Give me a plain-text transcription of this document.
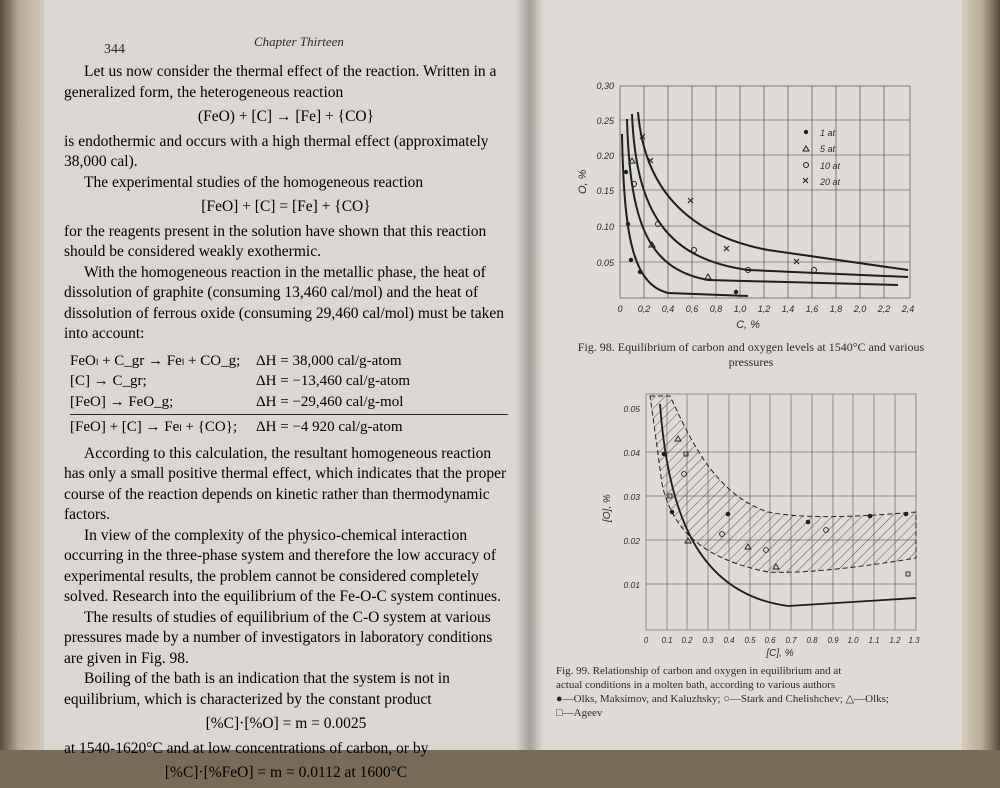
344
Chapter Thirteen

Let us now consider the thermal effect of the reaction. Written in a generalized form, the heterogeneous reaction

(FeO) + [C] → [Fe] + {CO}

is endothermic and occurs with a high thermal effect (approximately 38,000 cal).

The experimental studies of the homogeneous reaction

[FeO] + [C] = [Fe] + {CO}

for the reagents present in the solution have shown that this reaction should be considered weakly exothermic.

With the homogeneous reaction in the metallic phase, the heat of dissolution of graphite (consuming 13,460 cal/mol) and the heat of dissolution of ferrous oxide (consuming 29,460 cal/mol) must be taken into account:

FeOₗ + C_gr → Feₗ + CO_g;	ΔH = 38,000 cal/g-atom
[C] → C_gr;	ΔH = −13,460 cal/g-atom
[FeO] → FeO_g;	ΔH = −29,460 cal/g-mol
[FeO] + [C] → Feₗ + {CO};	ΔH = −4 920 cal/g-atom

According to this calculation, the resultant homogeneous reaction has only a small positive thermal effect, which indicates that the proper course of the reaction depends on kinetic rather than thermodynamic factors.

In view of the complexity of the physico-chemical interaction occurring in the three-phase system and therefore the low accuracy of experimental results, the problem cannot be considered completely solved. Research into the equilibrium of the Fe-O-C system continues.

The results of studies of equilibrium of the C-O system at various pressures made by a number of investigators in laboratory conditions are given in Fig. 98.

Boiling of the bath is an indication that the system is not in equilibrium, which is characterized by the constant product

[%C]·[%O] = m = 0.0025

at 1540-1620°C and at low concentrations of carbon, or by

[%C]·[%FeO] = m = 0.0112 at 1600°C

0,30
0.25
0.20
0.15
0.10
0.05
O, %
0 0,2 0,4 0,6 0,8 1,0 1,2 1,4 1,6 1,8 2,0 2,2 2,4
C, %
1 at
5 at
10 at
20 at
Fig. 98. Equilibrium of carbon and oxygen levels at 1540°C and various pressures
0.05
0.04
0.03
0.02
0.01
[O], %
0 0.1 0.2 0.3 0.4 0.5 0.6 0.7 0.8 0.9 1.0 1.1 1.2 1.3
[C], %
Fig. 99. Relationship of carbon and oxygen in equilibrium and at
actual conditions in a molten bath, according to various authors
●—Olks, Maksimov, and Kaluzhsky; ○—Stark and Chelishchev; △—Olks;
□—Ageev
